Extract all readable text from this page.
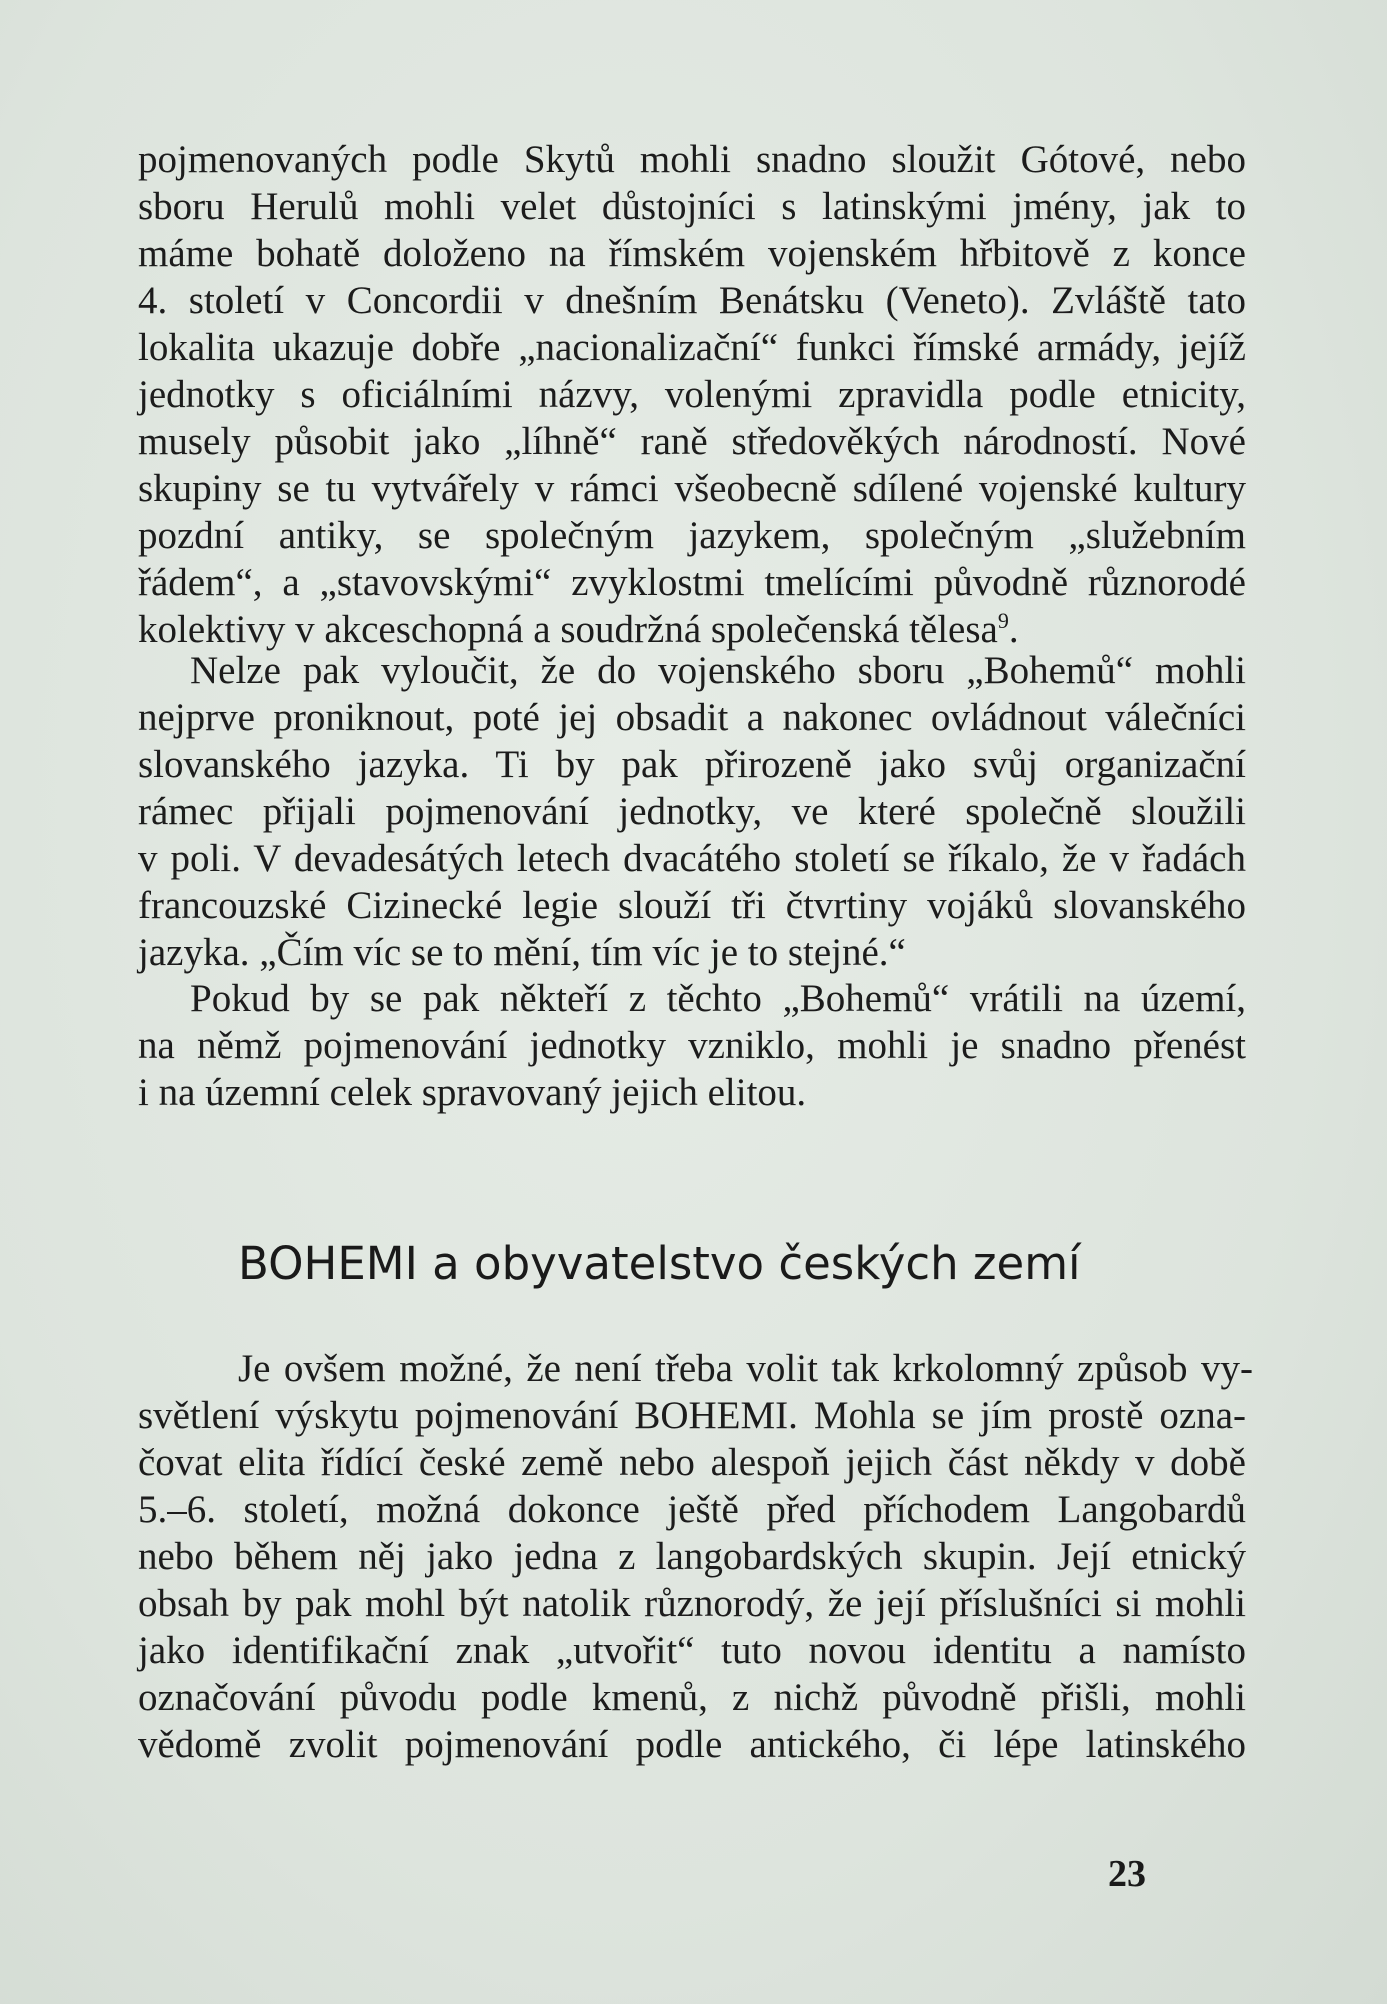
pojmenovaných podle Skytů mohli snadno sloužit Gótové, nebo
sboru Herulů mohli velet důstojníci s latinskými jmény, jak to
máme bohatě doloženo na římském vojenském hřbitově z konce
4. století v Concordii v dnešním Benátsku (Veneto). Zvláště tato
lokalita ukazuje dobře „nacionalizační“ funkci římské armády, jejíž
jednotky s oficiálními názvy, volenými zpravidla podle etnicity,
musely působit jako „líhně“ raně středověkých národností. Nové
skupiny se tu vytvářely v rámci všeobecně sdílené vojenské kultury
pozdní antiky, se společným jazykem, společným „služebním
řádem“, a „stavovskými“ zvyklostmi tmelícími původně různorodé
kolektivy v akceschopná a soudržná společenská tělesa$^9$.

Nelze pak vyloučit, že do vojenského sboru „Bohemů“ mohli
nejprve proniknout, poté jej obsadit a nakonec ovládnout válečníci
slovanského jazyka. Ti by pak přirozeně jako svůj organizační
rámec přijali pojmenování jednotky, ve které společně sloužili
v poli. V devadesátých letech dvacátého století se říkalo, že v řadách
francouzské Cizinecké legie slouží tři čtvrtiny vojáků slovanského
jazyka. „Čím víc se to mění, tím víc je to stejné.“

Pokud by se pak někteří z těchto „Bohemů“ vrátili na území,
na němž pojmenování jednotky vzniklo, mohli je snadno přenést
i na územní celek spravovaný jejich elitou.

BOHEMI a obyvatelstvo českých zemí

Je ovšem možné, že není třeba volit tak krkolomný způsob vy-

světlení výskytu pojmenování BOHEMI. Mohla se jím prostě ozna-
čovat elita řídící české země nebo alespoň jejich část někdy v době
5.–6. století, možná dokonce ještě před příchodem Langobardů
nebo během něj jako jedna z langobardských skupin. Její etnický
obsah by pak mohl být natolik různorodý, že její příslušníci si mohli
jako identifikační znak „utvořit“ tuto novou identitu a namísto
označování původu podle kmenů, z nichž původně přišli, mohli
vědomě zvolit pojmenování podle antického, či lépe latinského

23
